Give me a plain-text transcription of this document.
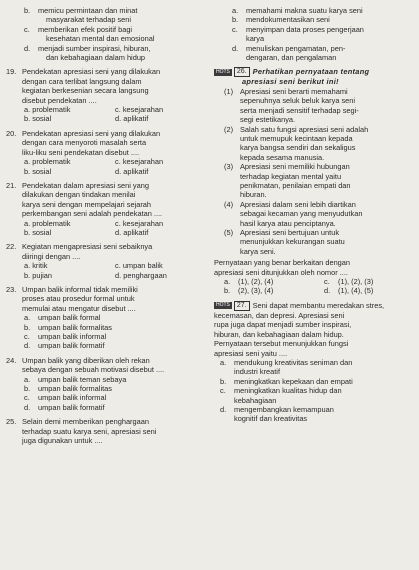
b.	memicu permintaan dan minat

masyarakat terhadap seni

c.	memberikan efek positif bagi

kesehatan mental dan emosional

d.	menjadi sumber inspirasi, hiburan,

dan kebahagiaan dalam hidup

19. Pendekatan apresiasi seni yang dilakukan

dengan cara terlibat langsung dalam

kegiatan berkesenian secara langsung

disebut pendekatan ....

a. problematik	c. kesejarahan
b. sosial	d. aplikatif
20. Pendekatan apresiasi seni yang dilakukan

dengan cara menyoroti masalah serta

liku-liku seni pendekatan disebut ....

a. problematik	c. kesejarahan
b. sosial	d. aplikatif
21. Pendekatan dalam apresiasi seni yang

dilakukan dengan tindakan menilai

karya seni dengan mempelajari sejarah

perkembangan seni adalah pendekatan ....

a. problematik	c. kesejarahan
b. sosial	d. aplikatif
22. Kegiatan mengapresiasi seni sebaiknya

diiringi dengan ....

a. kritik	c. umpan balik
b. pujian	d. penghargaan
23. Umpan balik informal tidak memiliki

proses atau prosedur formal untuk

memulai atau mengatur disebut ....

a.	umpan balik formal
b.	umpan balik formalitas
c.	umpan balik informal
d.	umpan balik formatif
24. Umpan balik yang diberikan oleh rekan

sebaya dengan sebuah motivasi disebut ....

a.	umpan balik teman sebaya
b.	umpan balik formalitas
c.	umpan balik informal
d.	umpan balik formatif
25. Selain demi memberikan penghargaan

terhadap suatu karya seni, apresiasi seni

juga digunakan untuk ....

a.	memahami makna suatu karya seni
b.	mendokumentasikan seni
c.	menyimpan data proses pengerjaan

karya

d.	menuliskan pengamatan, pen-

dengaran, dan pengalaman

HOTS 26. Perhatikan pernyataan tentang

apresiasi seni berikut ini!

(1) Apresiasi seni berarti memahami

sepenuhnya seluk beluk karya seni

serta menjadi sensitif terhadap segi-

segi estetikanya.

(2) Salah satu fungsi apresiasi seni adalah

untuk memupuk kecintaan kepada

karya bangsa sendiri dan sekaligus

kepada sesama manusia.

(3) Apresiasi seni memiliki hubungan

terhadap kegiatan mental yaitu

penikmatan, penilaian empati dan

hiburan.

(4) Apresiasi dalam seni lebih diartikan

sebagai kecaman yang menyudutkan

hasil karya atau penciptanya.

(5) Apresiasi seni bertujuan untuk

menunjukkan kekurangan suatu

karya seni.

Pernyataan yang benar berkaitan dengan

apresiasi seni ditunjukkan oleh nomor ....

a.	(1), (2), (4)	c.	(1), (2), (3)
b.	(2), (3), (4)	d.	(1), (4), (5)
HOTS 27. Seni dapat membantu meredakan stres,

kecemasan, dan depresi. Apresiasi seni

rupa juga dapat menjadi sumber inspirasi,

hiburan, dan kebahagiaan dalam hidup.

Pernyataan tersebut menunjukkan fungsi

apresiasi seni yaitu ....

a.	mendukung kreativitas seniman dan

industri kreatif

b.	meningkatkan kepekaan dan empati

c.	meningkatkan kualitas hidup dan

kebahagiaan

d.	mengembangkan kemampuan

kognitif dan kreativitas
